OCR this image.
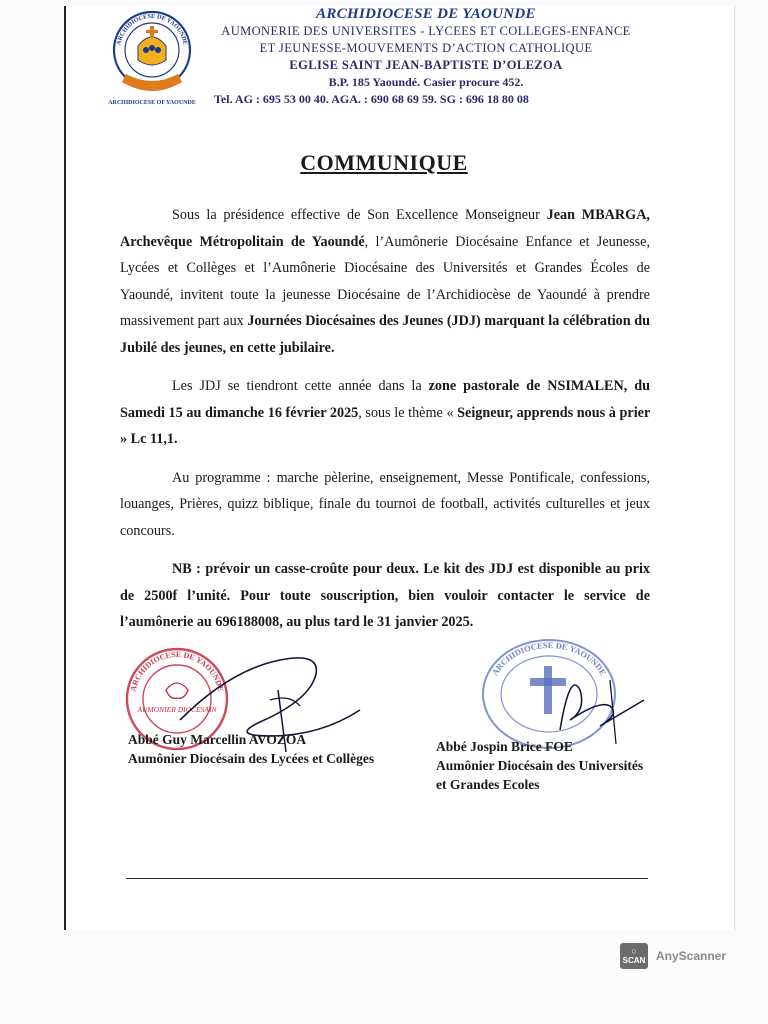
ARCHIDIOCESE DE YAOUNDE
ARCHIDIOCESE OF YAOUNDE
ARCHIDIOCESE DE YAOUNDE
AUMONERIE DES UNIVERSITES - LYCEES ET COLLEGES-ENFANCE
ET JEUNESSE-MOUVEMENTS D’ACTION CATHOLIQUE
EGLISE SAINT JEAN-BAPTISTE D’OLEZOA
B.P. 185 Yaoundé. Casier procure 452.
Tel. AG : 695 53 00 40. AGA. : 690 68 69 59. SG : 696 18 80 08
COMMUNIQUE

Sous la présidence effective de Son Excellence Monseigneur Jean MBARGA, Archevêque Métropolitain de Yaoundé, l’Aumônerie Diocésaine Enfance et Jeunesse, Lycées et Collèges et l’Aumônerie Diocésaine des Universités et Grandes Écoles de Yaoundé, invitent toute la jeunesse Diocésaine de l’Archidiocèse de Yaoundé à prendre massivement part aux Journées Diocésaines des Jeunes (JDJ) marquant la célébration du Jubilé des jeunes, en cette jubilaire.

Les JDJ se tiendront cette année dans la zone pastorale de NSIMALEN, du Samedi 15 au dimanche 16 février 2025, sous le thème « Seigneur, apprends nous à prier » Lc 11,1.

Au programme : marche pèlerine, enseignement, Messe Pontificale, confessions, louanges, Prières, quizz biblique, finale du tournoi de football, activités culturelles et jeux concours.

NB : prévoir un casse-croûte pour deux. Le kit des JDJ est disponible au prix de 2500f l’unité. Pour toute souscription, bien vouloir contacter le service de l’aumônerie au 696188008, au plus tard le 31 janvier 2025.

ARCHIDIOCESE DE YAOUNDE
AUMONIER DIOCESAIN
ARCHIDIOCESE DE YAOUNDE
Abbé Guy Marcellin AVOZOA
Aumônier Diocésain des Lycées et Collèges
Abbé Jospin Brice FOE
Aumônier Diocésain des Universités
et Grandes Ecoles
○
SCAN AnyScanner
